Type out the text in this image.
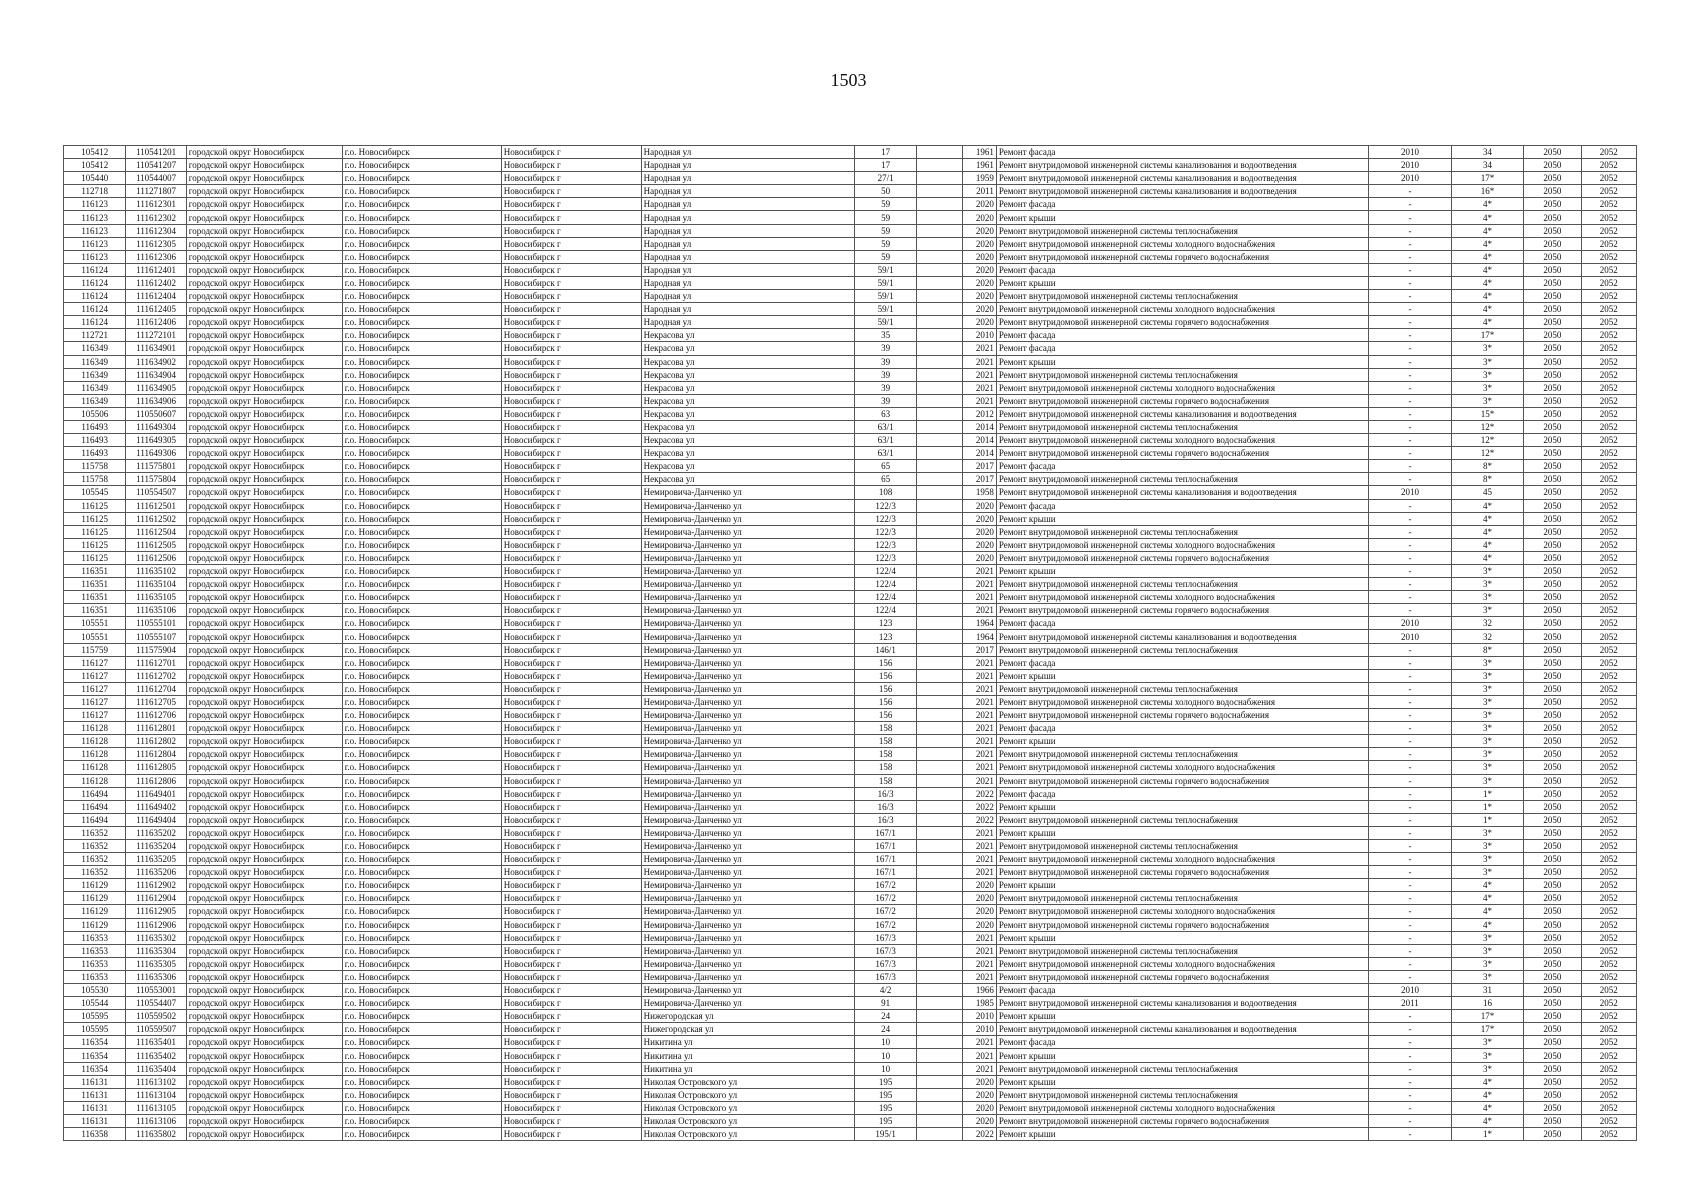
1503
105412	110541201	городской округ Новосибирск	г.о. Новосибирск	Новосибирск г	Народная ул	17		1961	Ремонт фасада	2010	34	2050	2052
105412	110541207	городской округ Новосибирск	г.о. Новосибирск	Новосибирск г	Народная ул	17		1961	Ремонт внутридомовой инженерной системы канализования и водоотведения	2010	34	2050	2052
105440	110544007	городской округ Новосибирск	г.о. Новосибирск	Новосибирск г	Народная ул	27/1		1959	Ремонт внутридомовой инженерной системы канализования и водоотведения	2010	17*	2050	2052
112718	111271807	городской округ Новосибирск	г.о. Новосибирск	Новосибирск г	Народная ул	50		2011	Ремонт внутридомовой инженерной системы канализования и водоотведения	-	16*	2050	2052
116123	111612301	городской округ Новосибирск	г.о. Новосибирск	Новосибирск г	Народная ул	59		2020	Ремонт фасада	-	4*	2050	2052
116123	111612302	городской округ Новосибирск	г.о. Новосибирск	Новосибирск г	Народная ул	59		2020	Ремонт крыши	-	4*	2050	2052
116123	111612304	городской округ Новосибирск	г.о. Новосибирск	Новосибирск г	Народная ул	59		2020	Ремонт внутридомовой инженерной системы теплоснабжения	-	4*	2050	2052
116123	111612305	городской округ Новосибирск	г.о. Новосибирск	Новосибирск г	Народная ул	59		2020	Ремонт внутридомовой инженерной системы холодного водоснабжения	-	4*	2050	2052
116123	111612306	городской округ Новосибирск	г.о. Новосибирск	Новосибирск г	Народная ул	59		2020	Ремонт внутридомовой инженерной системы горячего водоснабжения	-	4*	2050	2052
116124	111612401	городской округ Новосибирск	г.о. Новосибирск	Новосибирск г	Народная ул	59/1		2020	Ремонт фасада	-	4*	2050	2052
116124	111612402	городской округ Новосибирск	г.о. Новосибирск	Новосибирск г	Народная ул	59/1		2020	Ремонт крыши	-	4*	2050	2052
116124	111612404	городской округ Новосибирск	г.о. Новосибирск	Новосибирск г	Народная ул	59/1		2020	Ремонт внутридомовой инженерной системы теплоснабжения	-	4*	2050	2052
116124	111612405	городской округ Новосибирск	г.о. Новосибирск	Новосибирск г	Народная ул	59/1		2020	Ремонт внутридомовой инженерной системы холодного водоснабжения	-	4*	2050	2052
116124	111612406	городской округ Новосибирск	г.о. Новосибирск	Новосибирск г	Народная ул	59/1		2020	Ремонт внутридомовой инженерной системы горячего водоснабжения	-	4*	2050	2052
112721	111272101	городской округ Новосибирск	г.о. Новосибирск	Новосибирск г	Некрасова ул	35		2010	Ремонт фасада	-	17*	2050	2052
116349	111634901	городской округ Новосибирск	г.о. Новосибирск	Новосибирск г	Некрасова ул	39		2021	Ремонт фасада	-	3*	2050	2052
116349	111634902	городской округ Новосибирск	г.о. Новосибирск	Новосибирск г	Некрасова ул	39		2021	Ремонт крыши	-	3*	2050	2052
116349	111634904	городской округ Новосибирск	г.о. Новосибирск	Новосибирск г	Некрасова ул	39		2021	Ремонт внутридомовой инженерной системы теплоснабжения	-	3*	2050	2052
116349	111634905	городской округ Новосибирск	г.о. Новосибирск	Новосибирск г	Некрасова ул	39		2021	Ремонт внутридомовой инженерной системы холодного водоснабжения	-	3*	2050	2052
116349	111634906	городской округ Новосибирск	г.о. Новосибирск	Новосибирск г	Некрасова ул	39		2021	Ремонт внутридомовой инженерной системы горячего водоснабжения	-	3*	2050	2052
105506	110550607	городской округ Новосибирск	г.о. Новосибирск	Новосибирск г	Некрасова ул	63		2012	Ремонт внутридомовой инженерной системы канализования и водоотведения	-	15*	2050	2052
116493	111649304	городской округ Новосибирск	г.о. Новосибирск	Новосибирск г	Некрасова ул	63/1		2014	Ремонт внутридомовой инженерной системы теплоснабжения	-	12*	2050	2052
116493	111649305	городской округ Новосибирск	г.о. Новосибирск	Новосибирск г	Некрасова ул	63/1		2014	Ремонт внутридомовой инженерной системы холодного водоснабжения	-	12*	2050	2052
116493	111649306	городской округ Новосибирск	г.о. Новосибирск	Новосибирск г	Некрасова ул	63/1		2014	Ремонт внутридомовой инженерной системы горячего водоснабжения	-	12*	2050	2052
115758	111575801	городской округ Новосибирск	г.о. Новосибирск	Новосибирск г	Некрасова ул	65		2017	Ремонт фасада	-	8*	2050	2052
115758	111575804	городской округ Новосибирск	г.о. Новосибирск	Новосибирск г	Некрасова ул	65		2017	Ремонт внутридомовой инженерной системы теплоснабжения	-	8*	2050	2052
105545	110554507	городской округ Новосибирск	г.о. Новосибирск	Новосибирск г	Немировича-Данченко ул	108		1958	Ремонт внутридомовой инженерной системы канализования и водоотведения	2010	45	2050	2052
116125	111612501	городской округ Новосибирск	г.о. Новосибирск	Новосибирск г	Немировича-Данченко ул	122/3		2020	Ремонт фасада	-	4*	2050	2052
116125	111612502	городской округ Новосибирск	г.о. Новосибирск	Новосибирск г	Немировича-Данченко ул	122/3		2020	Ремонт крыши	-	4*	2050	2052
116125	111612504	городской округ Новосибирск	г.о. Новосибирск	Новосибирск г	Немировича-Данченко ул	122/3		2020	Ремонт внутридомовой инженерной системы теплоснабжения	-	4*	2050	2052
116125	111612505	городской округ Новосибирск	г.о. Новосибирск	Новосибирск г	Немировича-Данченко ул	122/3		2020	Ремонт внутридомовой инженерной системы холодного водоснабжения	-	4*	2050	2052
116125	111612506	городской округ Новосибирск	г.о. Новосибирск	Новосибирск г	Немировича-Данченко ул	122/3		2020	Ремонт внутридомовой инженерной системы горячего водоснабжения	-	4*	2050	2052
116351	111635102	городской округ Новосибирск	г.о. Новосибирск	Новосибирск г	Немировича-Данченко ул	122/4		2021	Ремонт крыши	-	3*	2050	2052
116351	111635104	городской округ Новосибирск	г.о. Новосибирск	Новосибирск г	Немировича-Данченко ул	122/4		2021	Ремонт внутридомовой инженерной системы теплоснабжения	-	3*	2050	2052
116351	111635105	городской округ Новосибирск	г.о. Новосибирск	Новосибирск г	Немировича-Данченко ул	122/4		2021	Ремонт внутридомовой инженерной системы холодного водоснабжения	-	3*	2050	2052
116351	111635106	городской округ Новосибирск	г.о. Новосибирск	Новосибирск г	Немировича-Данченко ул	122/4		2021	Ремонт внутридомовой инженерной системы горячего водоснабжения	-	3*	2050	2052
105551	110555101	городской округ Новосибирск	г.о. Новосибирск	Новосибирск г	Немировича-Данченко ул	123		1964	Ремонт фасада	2010	32	2050	2052
105551	110555107	городской округ Новосибирск	г.о. Новосибирск	Новосибирск г	Немировича-Данченко ул	123		1964	Ремонт внутридомовой инженерной системы канализования и водоотведения	2010	32	2050	2052
115759	111575904	городской округ Новосибирск	г.о. Новосибирск	Новосибирск г	Немировича-Данченко ул	146/1		2017	Ремонт внутридомовой инженерной системы теплоснабжения	-	8*	2050	2052
116127	111612701	городской округ Новосибирск	г.о. Новосибирск	Новосибирск г	Немировича-Данченко ул	156		2021	Ремонт фасада	-	3*	2050	2052
116127	111612702	городской округ Новосибирск	г.о. Новосибирск	Новосибирск г	Немировича-Данченко ул	156		2021	Ремонт крыши	-	3*	2050	2052
116127	111612704	городской округ Новосибирск	г.о. Новосибирск	Новосибирск г	Немировича-Данченко ул	156		2021	Ремонт внутридомовой инженерной системы теплоснабжения	-	3*	2050	2052
116127	111612705	городской округ Новосибирск	г.о. Новосибирск	Новосибирск г	Немировича-Данченко ул	156		2021	Ремонт внутридомовой инженерной системы холодного водоснабжения	-	3*	2050	2052
116127	111612706	городской округ Новосибирск	г.о. Новосибирск	Новосибирск г	Немировича-Данченко ул	156		2021	Ремонт внутридомовой инженерной системы горячего водоснабжения	-	3*	2050	2052
116128	111612801	городской округ Новосибирск	г.о. Новосибирск	Новосибирск г	Немировича-Данченко ул	158		2021	Ремонт фасада	-	3*	2050	2052
116128	111612802	городской округ Новосибирск	г.о. Новосибирск	Новосибирск г	Немировича-Данченко ул	158		2021	Ремонт крыши	-	3*	2050	2052
116128	111612804	городской округ Новосибирск	г.о. Новосибирск	Новосибирск г	Немировича-Данченко ул	158		2021	Ремонт внутридомовой инженерной системы теплоснабжения	-	3*	2050	2052
116128	111612805	городской округ Новосибирск	г.о. Новосибирск	Новосибирск г	Немировича-Данченко ул	158		2021	Ремонт внутридомовой инженерной системы холодного водоснабжения	-	3*	2050	2052
116128	111612806	городской округ Новосибирск	г.о. Новосибирск	Новосибирск г	Немировича-Данченко ул	158		2021	Ремонт внутридомовой инженерной системы горячего водоснабжения	-	3*	2050	2052
116494	111649401	городской округ Новосибирск	г.о. Новосибирск	Новосибирск г	Немировича-Данченко ул	16/3		2022	Ремонт фасада	-	1*	2050	2052
116494	111649402	городской округ Новосибирск	г.о. Новосибирск	Новосибирск г	Немировича-Данченко ул	16/3		2022	Ремонт крыши	-	1*	2050	2052
116494	111649404	городской округ Новосибирск	г.о. Новосибирск	Новосибирск г	Немировича-Данченко ул	16/3		2022	Ремонт внутридомовой инженерной системы теплоснабжения	-	1*	2050	2052
116352	111635202	городской округ Новосибирск	г.о. Новосибирск	Новосибирск г	Немировича-Данченко ул	167/1		2021	Ремонт крыши	-	3*	2050	2052
116352	111635204	городской округ Новосибирск	г.о. Новосибирск	Новосибирск г	Немировича-Данченко ул	167/1		2021	Ремонт внутридомовой инженерной системы теплоснабжения	-	3*	2050	2052
116352	111635205	городской округ Новосибирск	г.о. Новосибирск	Новосибирск г	Немировича-Данченко ул	167/1		2021	Ремонт внутридомовой инженерной системы холодного водоснабжения	-	3*	2050	2052
116352	111635206	городской округ Новосибирск	г.о. Новосибирск	Новосибирск г	Немировича-Данченко ул	167/1		2021	Ремонт внутридомовой инженерной системы горячего водоснабжения	-	3*	2050	2052
116129	111612902	городской округ Новосибирск	г.о. Новосибирск	Новосибирск г	Немировича-Данченко ул	167/2		2020	Ремонт крыши	-	4*	2050	2052
116129	111612904	городской округ Новосибирск	г.о. Новосибирск	Новосибирск г	Немировича-Данченко ул	167/2		2020	Ремонт внутридомовой инженерной системы теплоснабжения	-	4*	2050	2052
116129	111612905	городской округ Новосибирск	г.о. Новосибирск	Новосибирск г	Немировича-Данченко ул	167/2		2020	Ремонт внутридомовой инженерной системы холодного водоснабжения	-	4*	2050	2052
116129	111612906	городской округ Новосибирск	г.о. Новосибирск	Новосибирск г	Немировича-Данченко ул	167/2		2020	Ремонт внутридомовой инженерной системы горячего водоснабжения	-	4*	2050	2052
116353	111635302	городской округ Новосибирск	г.о. Новосибирск	Новосибирск г	Немировича-Данченко ул	167/3		2021	Ремонт крыши	-	3*	2050	2052
116353	111635304	городской округ Новосибирск	г.о. Новосибирск	Новосибирск г	Немировича-Данченко ул	167/3		2021	Ремонт внутридомовой инженерной системы теплоснабжения	-	3*	2050	2052
116353	111635305	городской округ Новосибирск	г.о. Новосибирск	Новосибирск г	Немировича-Данченко ул	167/3		2021	Ремонт внутридомовой инженерной системы холодного водоснабжения	-	3*	2050	2052
116353	111635306	городской округ Новосибирск	г.о. Новосибирск	Новосибирск г	Немировича-Данченко ул	167/3		2021	Ремонт внутридомовой инженерной системы горячего водоснабжения	-	3*	2050	2052
105530	110553001	городской округ Новосибирск	г.о. Новосибирск	Новосибирск г	Немировича-Данченко ул	4/2		1966	Ремонт фасада	2010	31	2050	2052
105544	110554407	городской округ Новосибирск	г.о. Новосибирск	Новосибирск г	Немировича-Данченко ул	91		1985	Ремонт внутридомовой инженерной системы канализования и водоотведения	2011	16	2050	2052
105595	110559502	городской округ Новосибирск	г.о. Новосибирск	Новосибирск г	Нижегородская ул	24		2010	Ремонт крыши	-	17*	2050	2052
105595	110559507	городской округ Новосибирск	г.о. Новосибирск	Новосибирск г	Нижегородская ул	24		2010	Ремонт внутридомовой инженерной системы канализования и водоотведения	-	17*	2050	2052
116354	111635401	городской округ Новосибирск	г.о. Новосибирск	Новосибирск г	Никитина ул	10		2021	Ремонт фасада	-	3*	2050	2052
116354	111635402	городской округ Новосибирск	г.о. Новосибирск	Новосибирск г	Никитина ул	10		2021	Ремонт крыши	-	3*	2050	2052
116354	111635404	городской округ Новосибирск	г.о. Новосибирск	Новосибирск г	Никитина ул	10		2021	Ремонт внутридомовой инженерной системы теплоснабжения	-	3*	2050	2052
116131	111613102	городской округ Новосибирск	г.о. Новосибирск	Новосибирск г	Николая Островского ул	195		2020	Ремонт крыши	-	4*	2050	2052
116131	111613104	городской округ Новосибирск	г.о. Новосибирск	Новосибирск г	Николая Островского ул	195		2020	Ремонт внутридомовой инженерной системы теплоснабжения	-	4*	2050	2052
116131	111613105	городской округ Новосибирск	г.о. Новосибирск	Новосибирск г	Николая Островского ул	195		2020	Ремонт внутридомовой инженерной системы холодного водоснабжения	-	4*	2050	2052
116131	111613106	городской округ Новосибирск	г.о. Новосибирск	Новосибирск г	Николая Островского ул	195		2020	Ремонт внутридомовой инженерной системы горячего водоснабжения	-	4*	2050	2052
116358	111635802	городской округ Новосибирск	г.о. Новосибирск	Новосибирск г	Николая Островского ул	195/1		2022	Ремонт крыши	-	1*	2050	2052
